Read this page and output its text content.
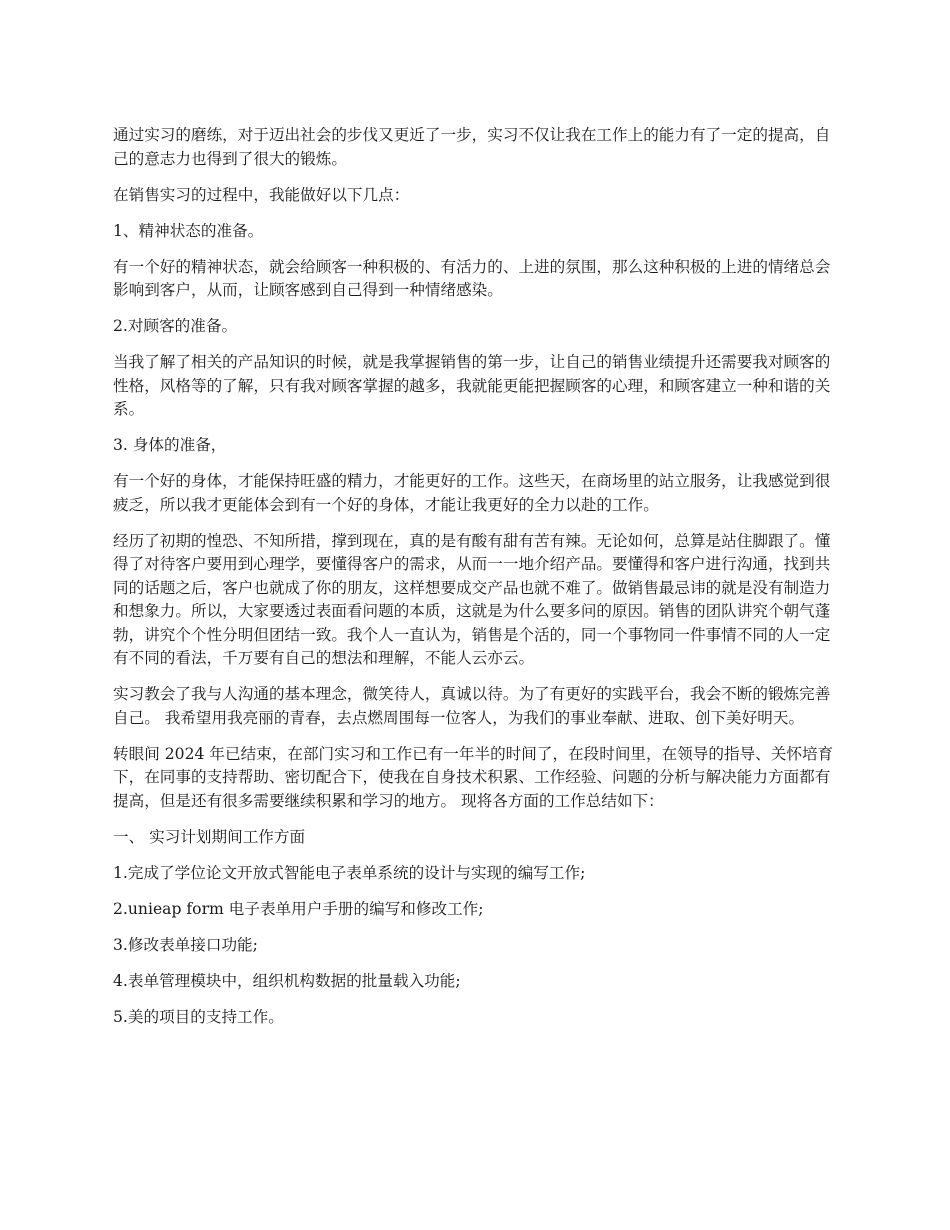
通过实习的磨练，对于迈出社会的步伐又更近了一步，实习不仅让我在工作上的能力有了一定的提高，自己的意志力也得到了很大的锻炼。

在销售实习的过程中，我能做好以下几点：

1、精神状态的准备。

有一个好的精神状态，就会给顾客一种积极的、有活力的、上进的氛围，那么这种积极的上进的情绪总会影响到客户，从而，让顾客感到自己得到一种情绪感染。

2.对顾客的准备。

当我了解了相关的产品知识的时候，就是我掌握销售的第一步，让自己的销售业绩提升还需要我对顾客的性格，风格等的了解，只有我对顾客掌握的越多，我就能更能把握顾客的心理，和顾客建立一种和谐的关系。

3. 身体的准备，

有一个好的身体，才能保持旺盛的精力，才能更好的工作。这些天，在商场里的站立服务，让我感觉到很疲乏，所以我才更能体会到有一个好的身体，才能让我更好的全力以赴的工作。

经历了初期的惶恐、不知所措，撑到现在，真的是有酸有甜有苦有辣。无论如何，总算是站住脚跟了。懂得了对待客户要用到心理学，要懂得客户的需求，从而一一地介绍产品。要懂得和客户进行沟通，找到共同的话题之后，客户也就成了你的朋友，这样想要成交产品也就不难了。做销售最忌讳的就是没有制造力和想象力。所以，大家要透过表面看问题的本质，这就是为什么要多问的原因。销售的团队讲究个朝气蓬勃，讲究个个性分明但团结一致。我个人一直认为，销售是个活的，同一个事物同一件事情不同的人一定有不同的看法，千万要有自己的想法和理解，不能人云亦云。

实习教会了我与人沟通的基本理念，微笑待人，真诚以待。为了有更好的实践平台，我会不断的锻炼完善自己。 我希望用我亮丽的青春，去点燃周围每一位客人，为我们的事业奉献、进取、创下美好明天。

转眼间 2024 年已结束，在部门实习和工作已有一年半的时间了，在段时间里，在领导的指导、关怀培育下，在同事的支持帮助、密切配合下，使我在自身技术积累、工作经验、问题的分析与解决能力方面都有提高，但是还有很多需要继续积累和学习的地方。 现将各方面的工作总结如下：

一、 实习计划期间工作方面

1.完成了学位论文开放式智能电子表单系统的设计与实现的编写工作;

2.unieap form 电子表单用户手册的编写和修改工作;

3.修改表单接口功能;

4.表单管理模块中，组织机构数据的批量载入功能;

5.美的项目的支持工作。
